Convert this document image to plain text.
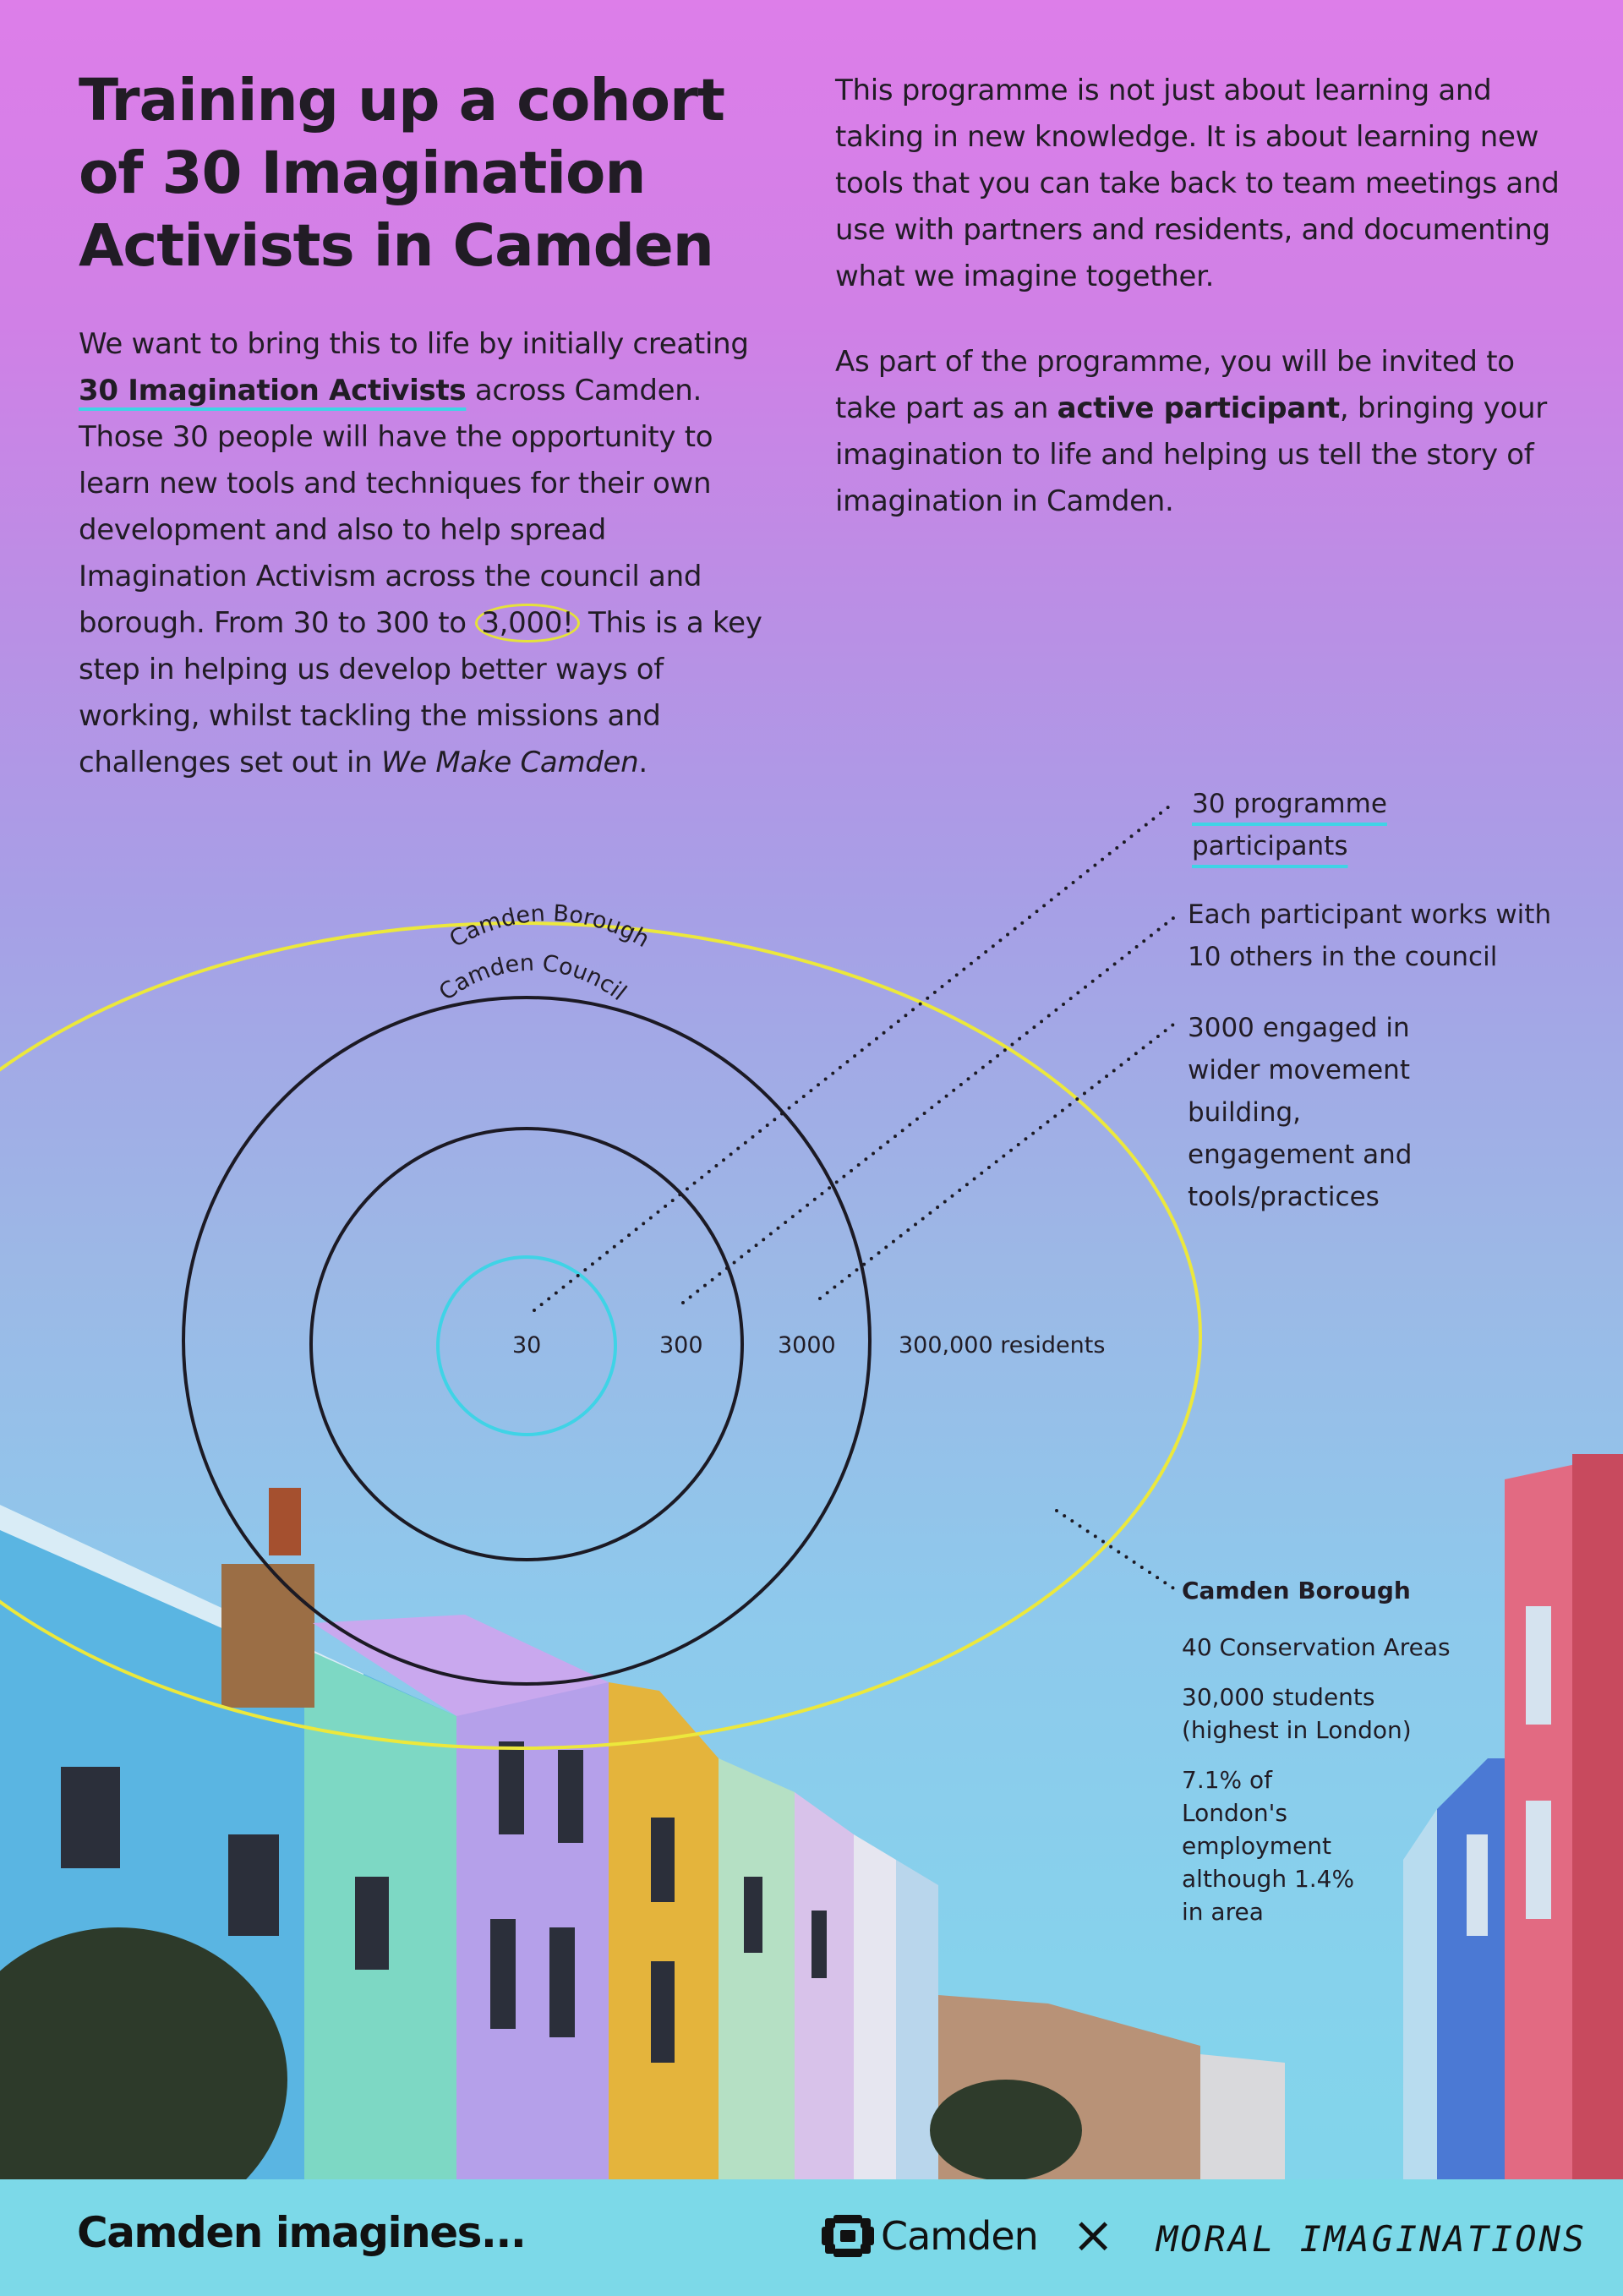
Training up a cohort of 30 Imagination Activists in Camden
We want to bring this to life by initially creating 30 Imagination Activists across Camden. Those 30 people will have the opportunity to learn new tools and techniques for their own development and also to help spread Imagination Activism across the council and borough. From 30 to 300 to 3,000! This is a key step in helping us develop better ways of working, whilst tackling the missions and challenges set out in We Make Camden.

This programme is not just about learning and taking in new knowledge. It is about learning new tools that you can take back to team meetings and use with partners and residents, and documenting what we imagine together.

As part of the programme, you will be invited to take part as an active participant, bringing your imagination to life and helping us tell the story of imagination in Camden.

Camden Borough
Camden Council
30	300	3000	300,000 residents
30 programme participants
Each participant works with 10 others in the council
3000 engaged in wider movement building, engagement and tools/practices
Camden Borough
40 Conservation Areas
30,000 students (highest in London)
7.1% of London's employment although 1.4% in area
Camden imagines...	Camden × MORAL IMAGINATIONS
